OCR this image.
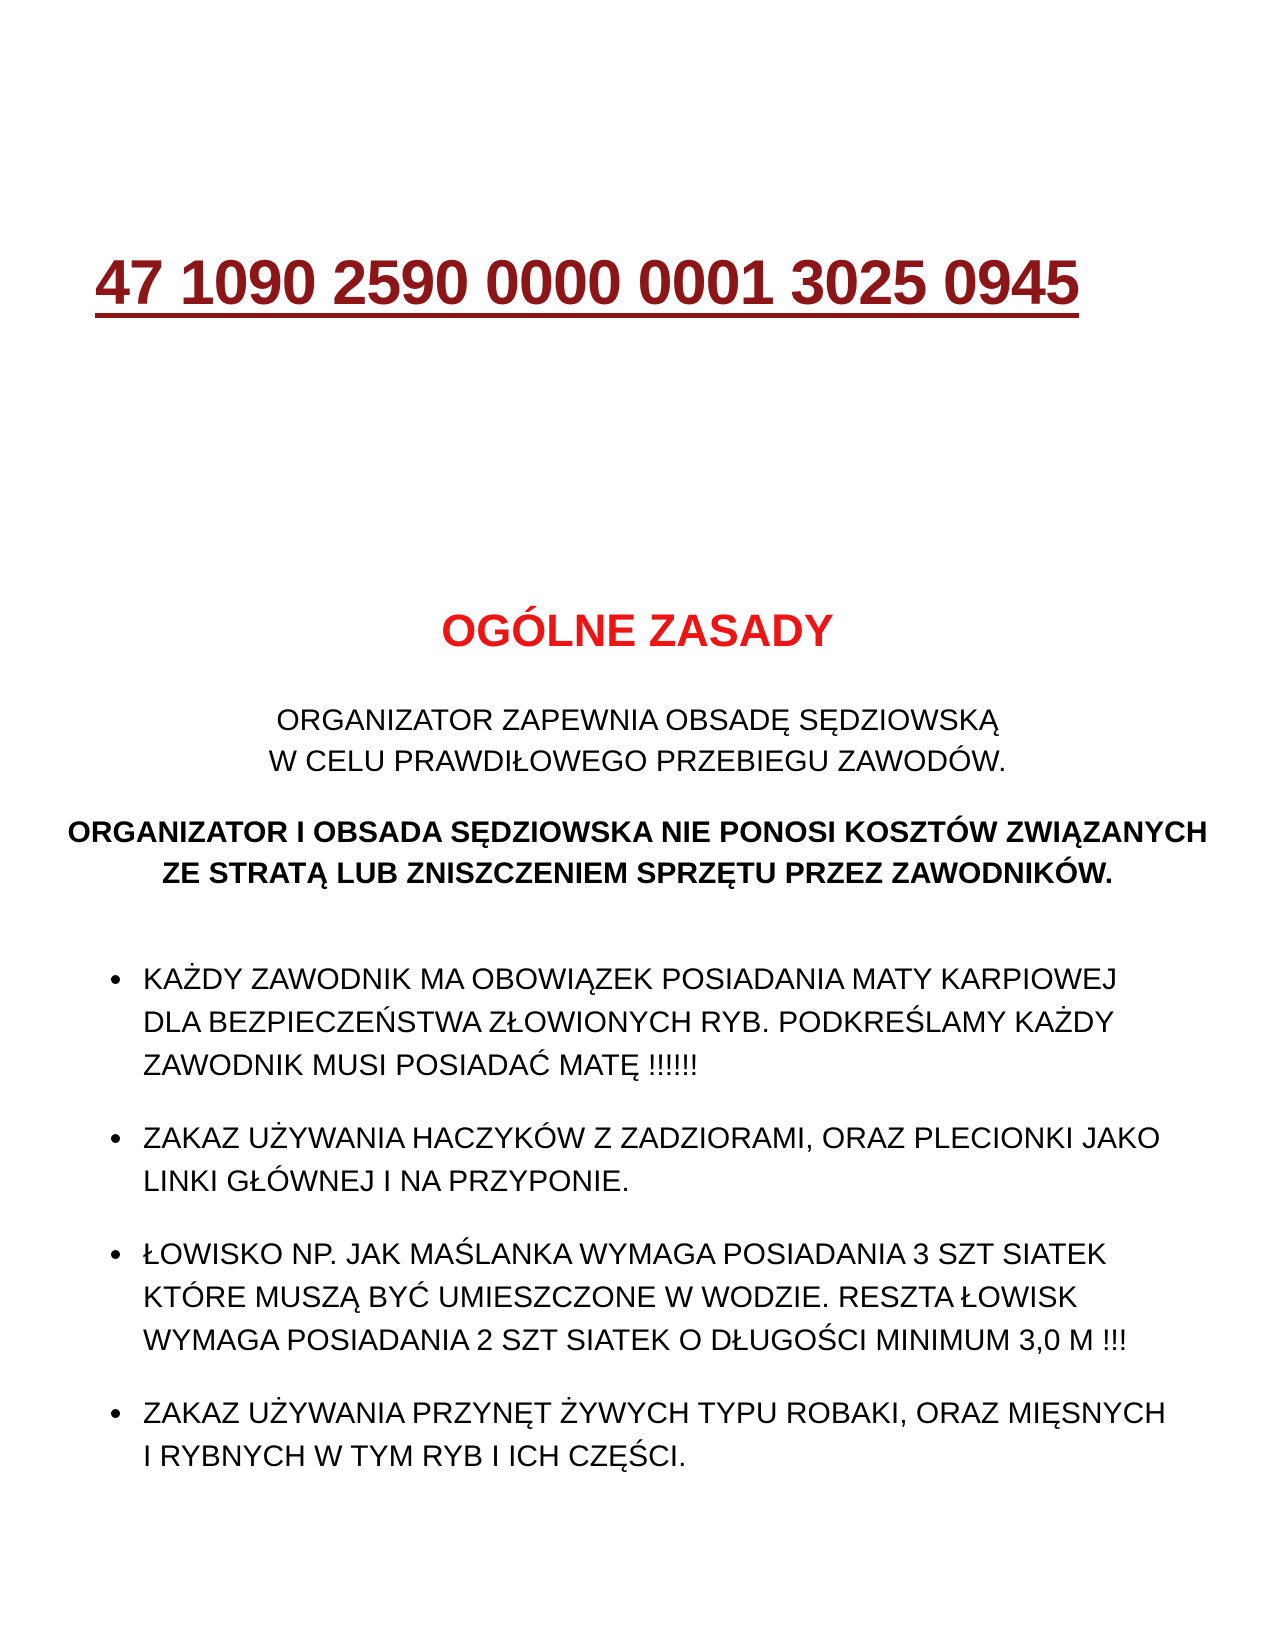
47 1090 2590 0000 0001 3025 0945
OGÓLNE ZASADY
ORGANIZATOR ZAPEWNIA OBSADĘ SĘDZIOWSKĄ
W CELU PRAWDIŁOWEGO PRZEBIEGU ZAWODÓW.
ORGANIZATOR I OBSADA SĘDZIOWSKA NIE PONOSI KOSZTÓW ZWIĄZANYCH
ZE STRATĄ LUB ZNISZCZENIEM SPRZĘTU PRZEZ ZAWODNIKÓW.
KAŻDY ZAWODNIK MA OBOWIĄZEK POSIADANIA MATY KARPIOWEJ
DLA BEZPIECZEŃSTWA ZŁOWIONYCH RYB. PODKREŚLAMY KAŻDY
ZAWODNIK MUSI POSIADAĆ MATĘ !!!!!!
ZAKAZ UŻYWANIA HACZYKÓW Z ZADZIORAMI, ORAZ PLECIONKI JAKO
LINKI GŁÓWNEJ I NA PRZYPONIE.
ŁOWISKO NP. JAK MAŚLANKA WYMAGA POSIADANIA 3 SZT SIATEK
KTÓRE MUSZĄ BYĆ UMIESZCZONE W WODZIE. RESZTA ŁOWISK
WYMAGA POSIADANIA 2 SZT SIATEK O DŁUGOŚCI MINIMUM 3,0 M !!!
ZAKAZ UŻYWANIA PRZYNĘT ŻYWYCH TYPU ROBAKI, ORAZ MIĘSNYCH
I RYBNYCH W TYM RYB I ICH CZĘŚCI.
